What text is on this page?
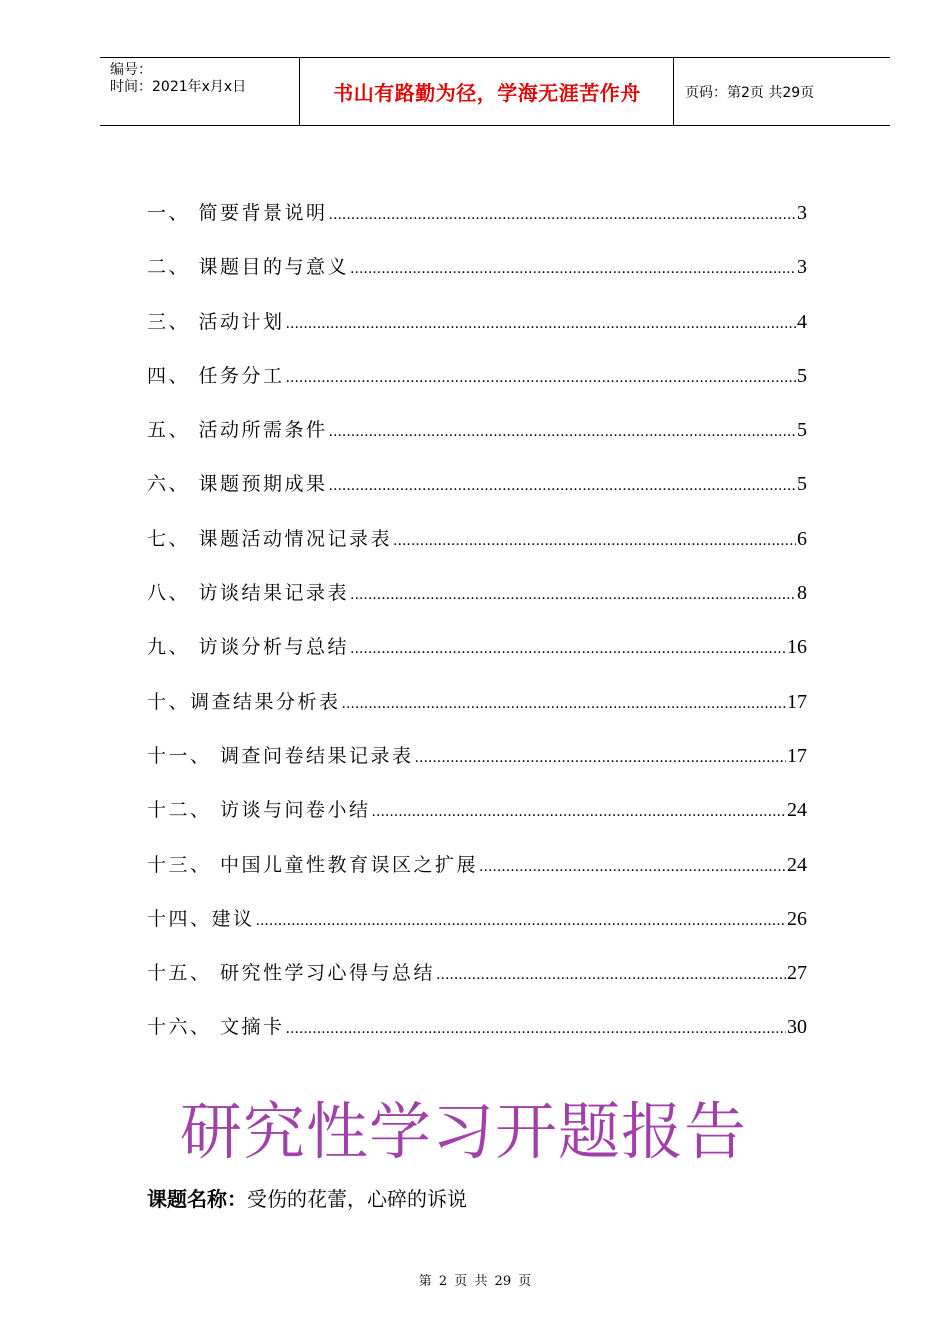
编号：
时间：2021年x月x日	书山有路勤为径，学海无涯苦作舟	页码：第2页 共29页
一、 简要背景说明 .....	3
二、 课题目的与意义 .....	3
三、 活动计划 .....	4
四、 任务分工 .....	5
五、 活动所需条件 .....	5
六、 课题预期成果 .....	5
七、 课题活动情况记录表 .....	6
八、 访谈结果记录表 .....	8
九、 访谈分析与总结 .....	16
十、调查结果分析表 .....	17
十一、 调查问卷结果记录表 .....	17
十二、 访谈与问卷小结 .....	24
十三、 中国儿童性教育误区之扩展 .....	24
十四、建议 .....	26
十五、 研究性学习心得与总结 .....	27
十六、 文摘卡 .....	30
研究性学习开题报告
课题名称：受伤的花蕾，心碎的诉说
第 2 页 共 29 页
